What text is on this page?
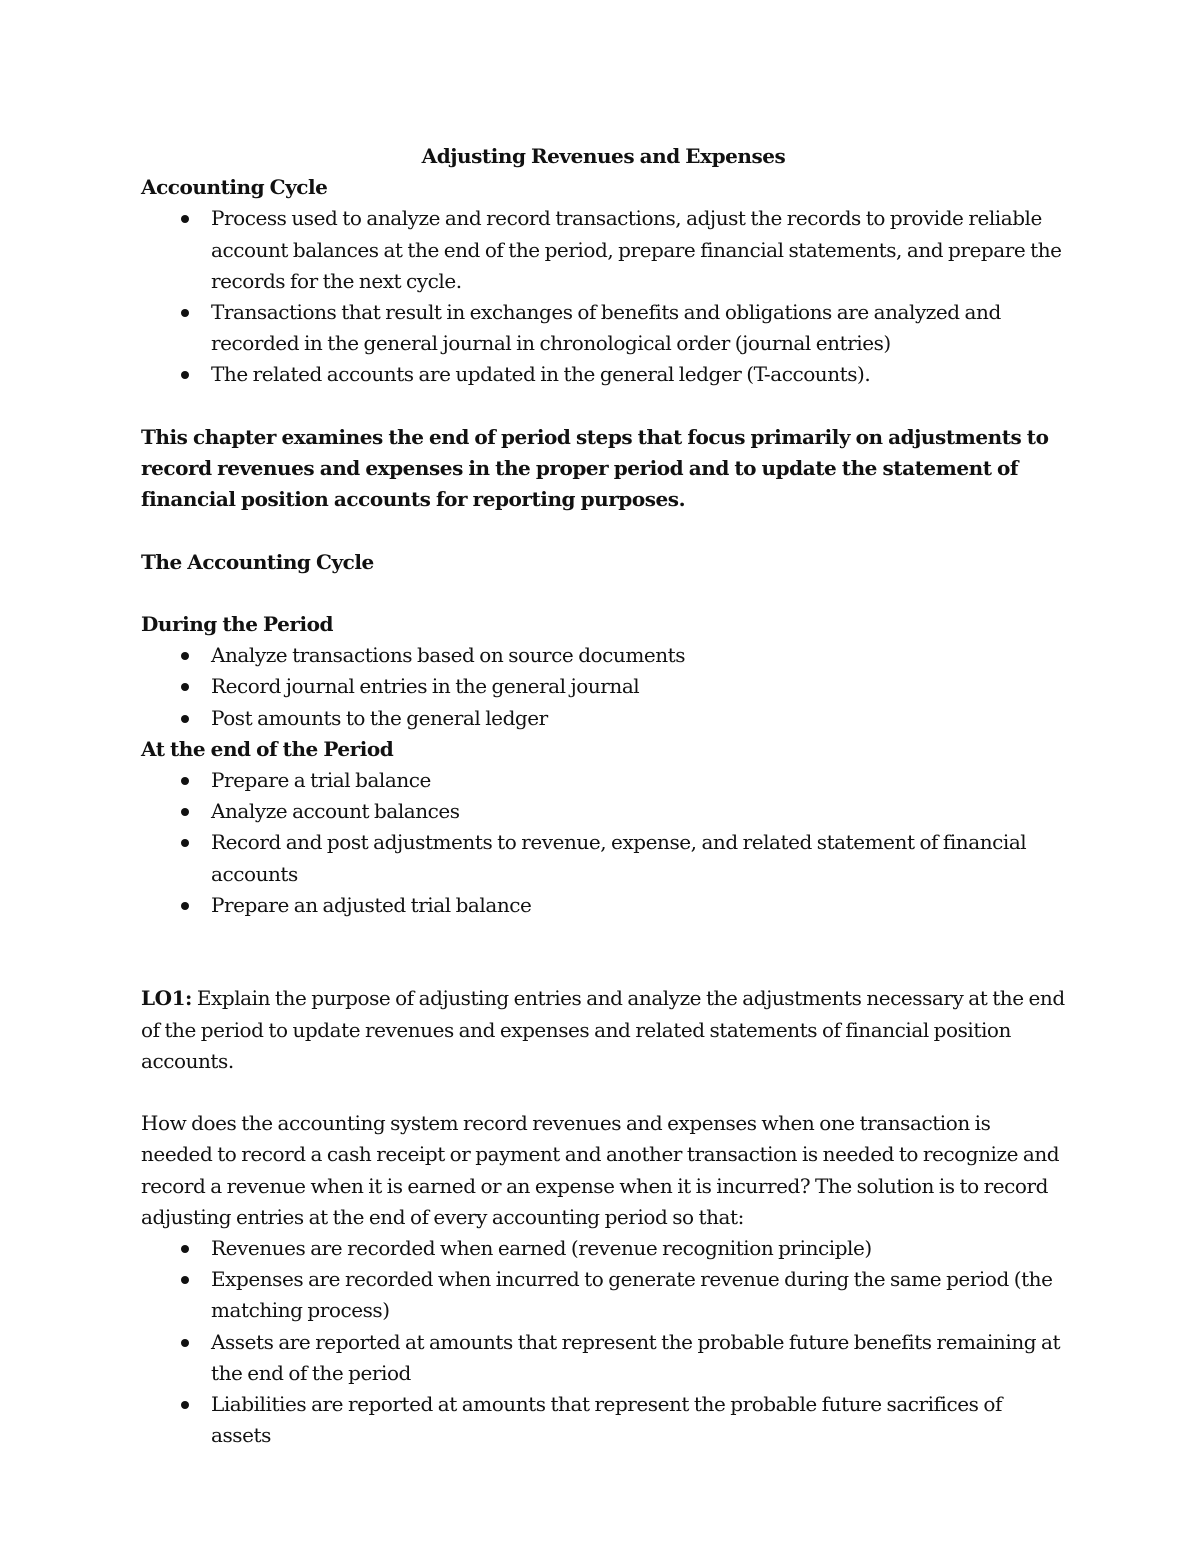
Adjusting Revenues and Expenses
Accounting Cycle
Process used to analyze and record transactions, adjust the records to provide reliable account balances at the end of the period, prepare financial statements, and prepare the records for the next cycle.
Transactions that result in exchanges of benefits and obligations are analyzed and recorded in the general journal in chronological order (journal entries)
The related accounts are updated in the general ledger (T-accounts).

This chapter examines the end of period steps that focus primarily on adjustments to record revenues and expenses in the proper period and to update the statement of financial position accounts for reporting purposes.

The Accounting Cycle
During the Period
Analyze transactions based on source documents
Record journal entries in the general journal
Post amounts to the general ledger
At the end of the Period
Prepare a trial balance
Analyze account balances
Record and post adjustments to revenue, expense, and related statement of financial accounts
Prepare an adjusted trial balance

LO1: Explain the purpose of adjusting entries and analyze the adjustments necessary at the end of the period to update revenues and expenses and related statements of financial position accounts.

How does the accounting system record revenues and expenses when one transaction is needed to record a cash receipt or payment and another transaction is needed to recognize and record a revenue when it is earned or an expense when it is incurred? The solution is to record adjusting entries at the end of every accounting period so that:

Revenues are recorded when earned (revenue recognition principle)
Expenses are recorded when incurred to generate revenue during the same period (the matching process)
Assets are reported at amounts that represent the probable future benefits remaining at the end of the period
Liabilities are reported at amounts that represent the probable future sacrifices of assets
